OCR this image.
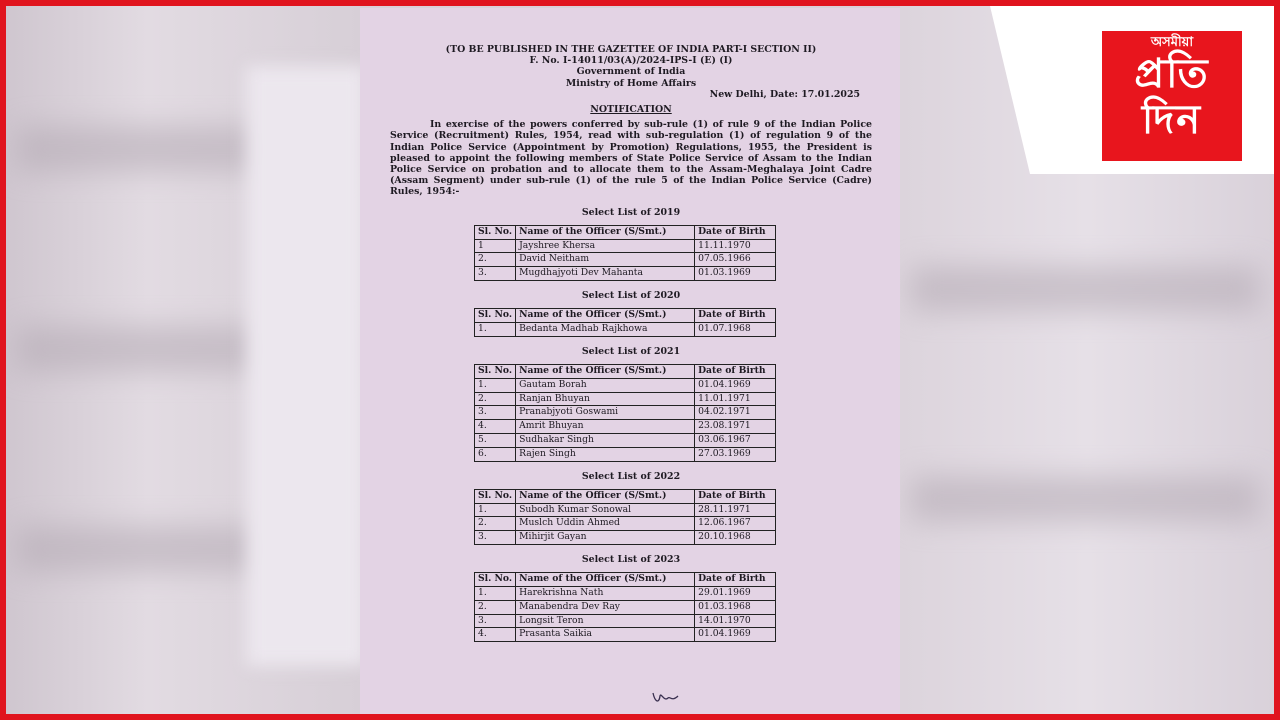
(TO BE PUBLISHED IN THE GAZETTEE OF INDIA PART-I SECTION II)
F. No. I-14011/03(A)/2024-IPS-I (E) (I)
Government of India
Ministry of Home Affairs
New Delhi, Date: 17.01.2025
NOTIFICATION
In exercise of the powers conferred by sub-rule (1) of rule 9 of the Indian Police Service (Recruitment) Rules, 1954, read with sub-regulation (1) of regulation 9 of the Indian Police Service (Appointment by Promotion) Regulations, 1955, the President is pleased to appoint the following members of State Police Service of Assam to the Indian Police Service on probation and to allocate them to the Assam-Meghalaya Joint Cadre (Assam Segment) under sub-rule (1) of the rule 5 of the Indian Police Service (Cadre) Rules, 1954:-
Select List of 2019
Sl. No.	Name of the Officer (S/Smt.)	Date of Birth
1	Jayshree Khersa	11.11.1970
2.	David Neitham	07.05.1966
3.	Mugdhajyoti Dev Mahanta	01.03.1969
Select List of 2020
Sl. No.	Name of the Officer (S/Smt.)	Date of Birth
1.	Bedanta Madhab Rajkhowa	01.07.1968
Select List of 2021
Sl. No.	Name of the Officer (S/Smt.)	Date of Birth
1.	Gautam Borah	01.04.1969
2.	Ranjan Bhuyan	11.01.1971
3.	Pranabjyoti Goswami	04.02.1971
4.	Amrit Bhuyan	23.08.1971
5.	Sudhakar Singh	03.06.1967
6.	Rajen Singh	27.03.1969
Select List of 2022
Sl. No.	Name of the Officer (S/Smt.)	Date of Birth
1.	Subodh Kumar Sonowal	28.11.1971
2.	Muslch Uddin Ahmed	12.06.1967
3.	Mihirjit Gayan	20.10.1968
Select List of 2023
Sl. No.	Name of the Officer (S/Smt.)	Date of Birth
1.	Harekrishna Nath	29.01.1969
2.	Manabendra Dev Ray	01.03.1968
3.	Longsit Teron	14.01.1970
4.	Prasanta Saikia	01.04.1969
অসমীয়া
প্রতি
দিন
